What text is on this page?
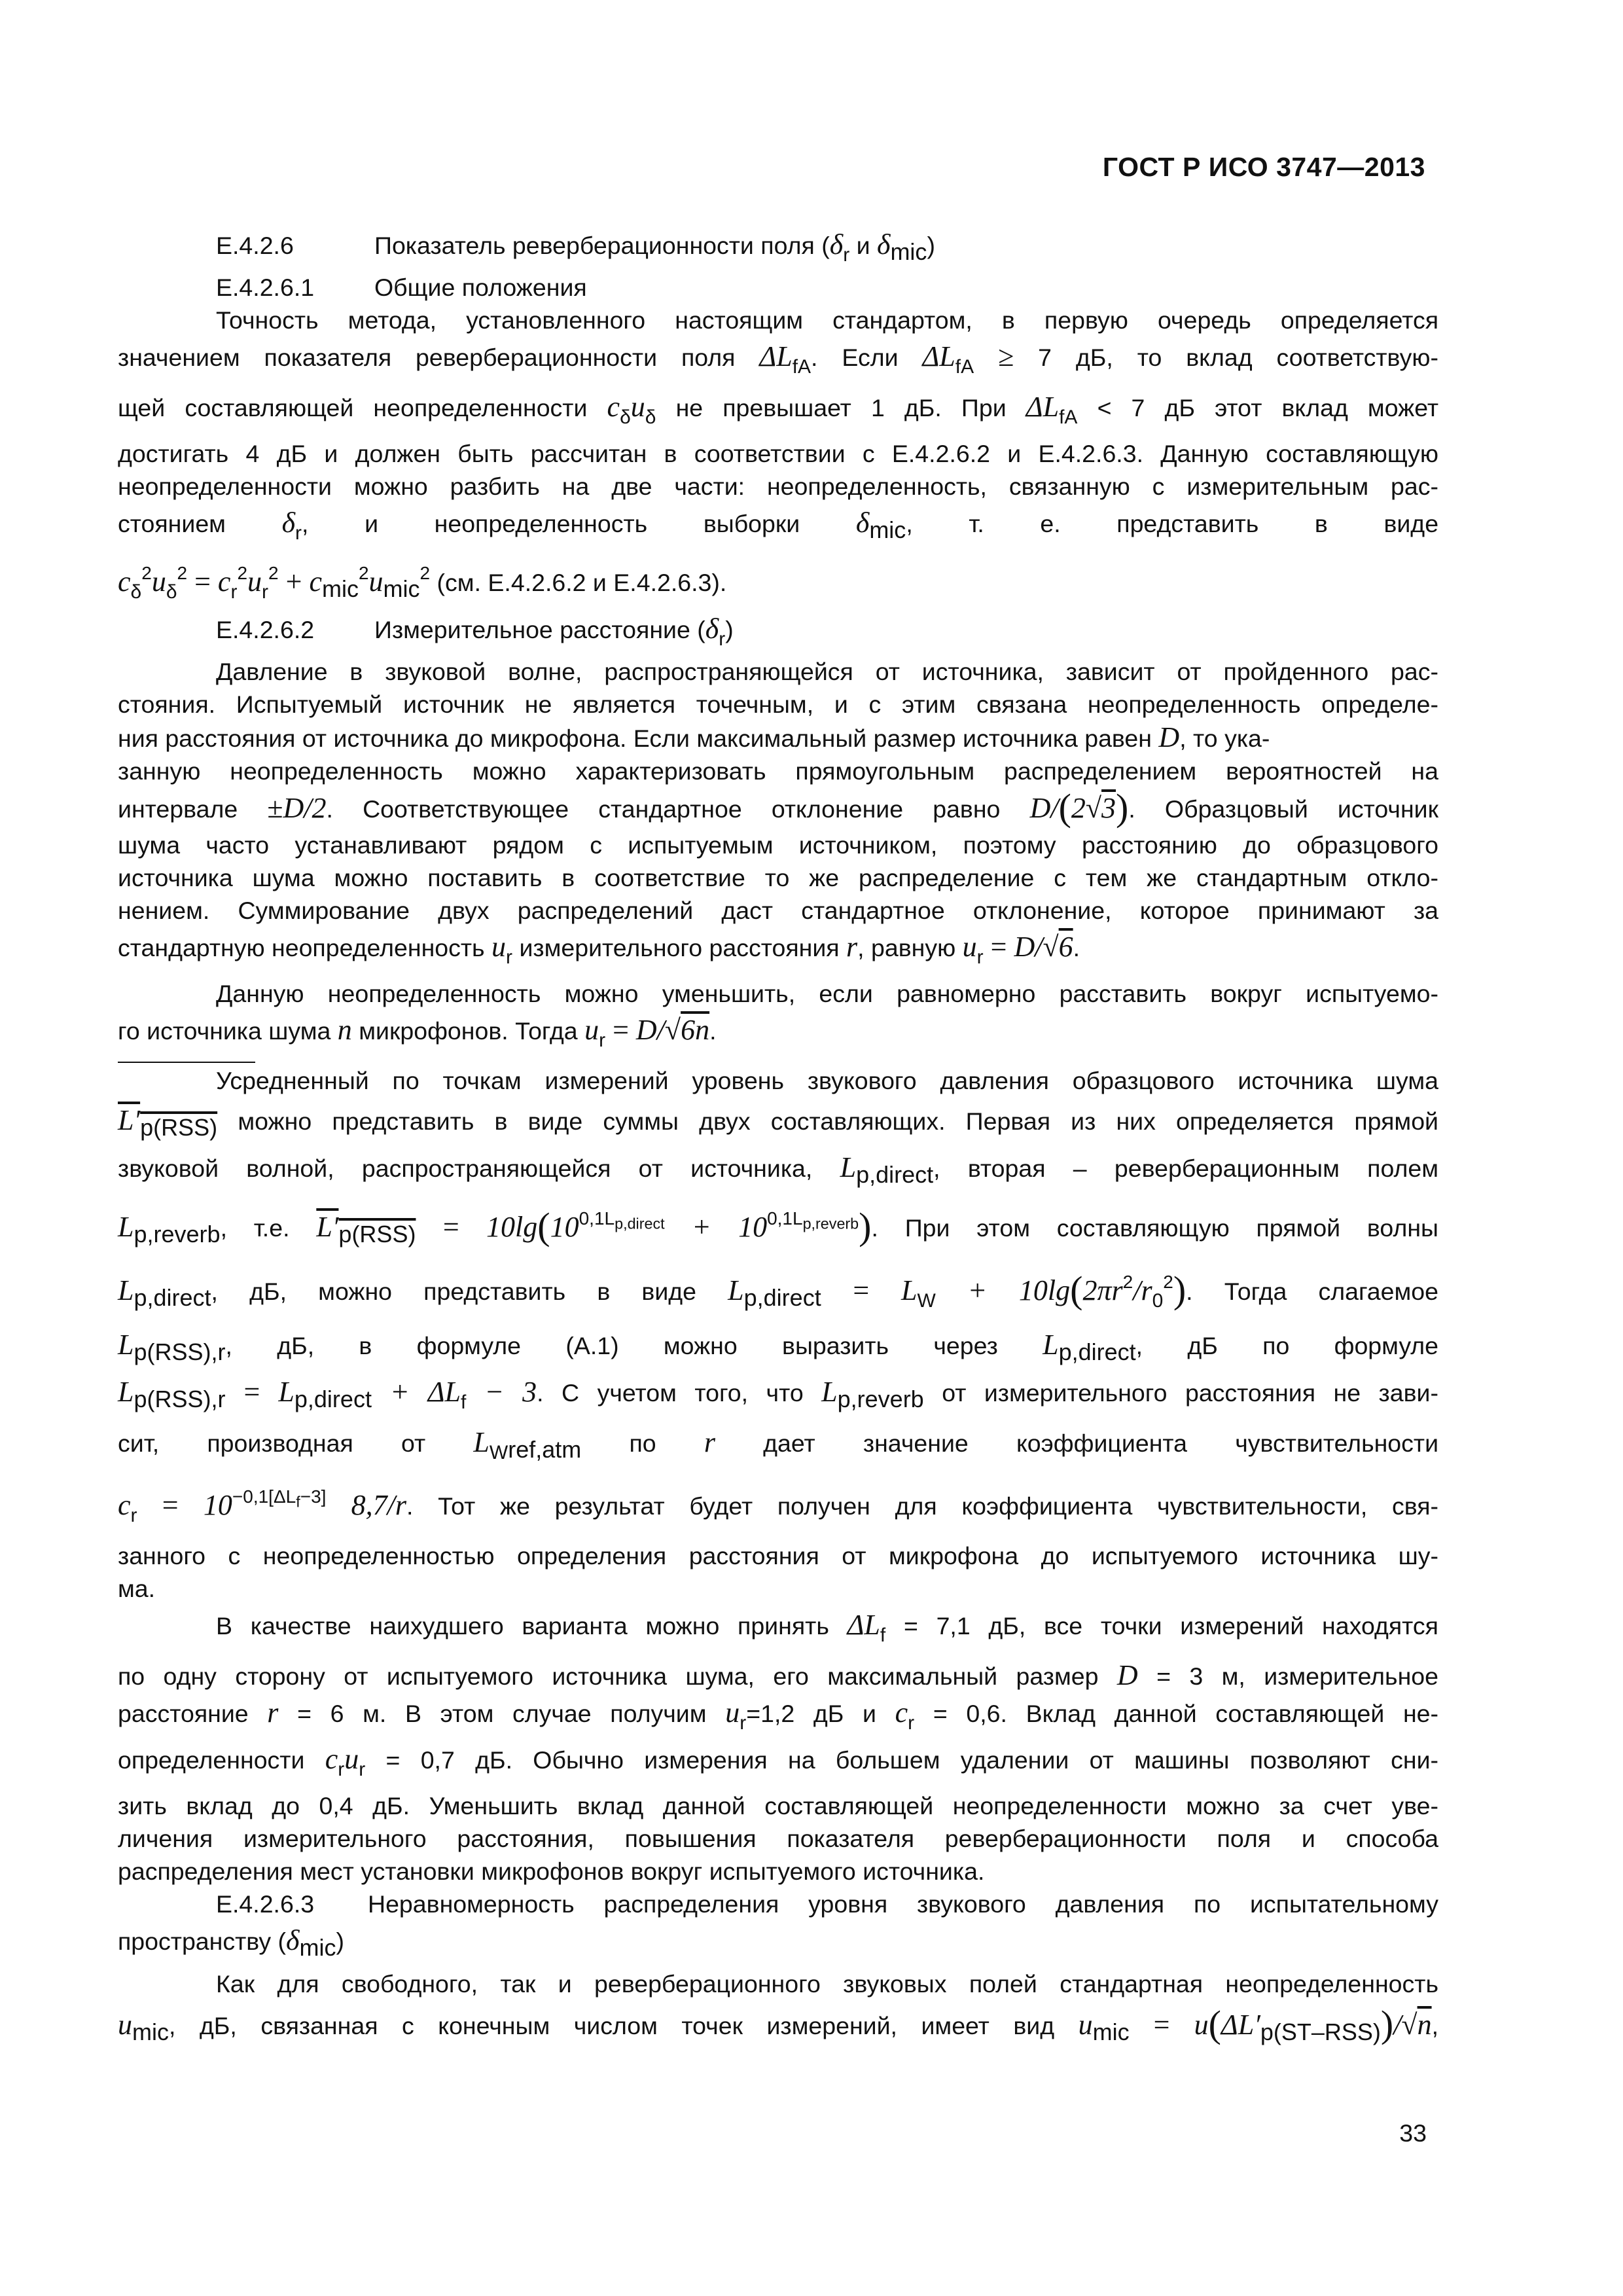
ГОСТ Р ИСО 3747—2013
Е.4.2.6	Показатель реверберационности поля ($\delta_r$ и $\delta_{mic}$)
Е.4.2.6.1 Общие положения
Точность метода, установленного настоящим стандартом, в первую очередь определяется
значением показателя реверберационности поля $\Delta L_{fA}$. Если $\Delta L_{fA} \ge 7$ дБ, то вклад соответствую-
щей составляющей неопределенности $c_\delta u_\delta$ не превышает 1 дБ. При $\Delta L_{fA} < 7$ дБ этот вклад может
достигать 4 дБ и должен быть рассчитан в соответствии с Е.4.2.6.2 и Е.4.2.6.3. Данную составляющую
неопределенности можно разбить на две части: неопределенность, связанную с измерительным рас-
стоянием $\delta_r$, и неопределенность выборки $\delta_{mic}$, т. е. представить в виде
$c_\delta^2u_\delta^2 = c_r^2u_r^2 + c_{mic}^2u_{mic}^2$ (см. Е.4.2.6.2 и Е.4.2.6.3).
Е.4.2.6.2 Измерительное расстояние $(\delta_r)$
Давление в звуковой волне, распространяющейся от источника, зависит от пройденного рас-
стояния. Испытуемый источник не является точечным, и с этим связана неопределенность определе-
ния расстояния от источника до микрофона. Если максимальный размер источника равен D, то ука-
занную неопределенность можно характеризовать прямоугольным распределением вероятностей на
интервале ±D/2. Соответствующее стандартное отклонение равно D/(2√3). Образцовый источник
шума часто устанавливают рядом с испытуемым источником, поэтому расстоянию до образцового
источника шума можно поставить в соответствие то же распределение с тем же стандартным откло-
нением. Суммирование двух распределений даст стандартное отклонение, которое принимают за
стандартную неопределенность $u_r$ измерительного расстояния r, равную $u_r = D/√6$.
Данную неопределенность можно уменьшить, если равномерно расставить вокруг испытуемо-
го источника шума n микрофонов. Тогда $u_r = D/√6n$.
Усредненный по точкам измерений уровень звукового давления образцового источника шума
$L'_{p(RSS)}$ можно представить в виде суммы двух составляющих. Первая из них определяется прямой
звуковой волной, распространяющейся от источника, $L_{p,direct}$, вторая – реверберационным полем
$L_{p,reverb}$, т.е. $L'_{p(RSS)} = 10\lg(10^{0,1L_{p,direct}} + 10^{0,1L_{p,reverb}})$. При этом составляющую прямой волны
$L_{p,direct}$, дБ, можно представить в виде $L_{p,direct} = L_W + 10\lg(2\pi r^2/r_0^2)$. Тогда слагаемое
$L_{p(RSS),r}$, дБ, в формуле (А.1) можно выразить через $L_{p,direct}$, дБ по формуле
$L_{p(RSS),r} = L_{p,direct} + \Delta L_f - 3$. С учетом того, что $L_{p,reverb}$ от измерительного расстояния не зави-
сит, производная от $L_{Wref,atm}$ по r дает значение коэффициента чувствительности
$c_r = 10^{-0,1[\Delta L_f-3]}$ 8,7/r. Тот же результат будет получен для коэффициента чувствительности, свя-
занного с неопределенностью определения расстояния от микрофона до испытуемого источника шу-
ма.
В качестве наихудшего варианта можно принять $\Delta L_f = 7,1$ дБ, все точки измерений находятся
по одну сторону от испытуемого источника шума, его максимальный размер D = 3 м, измерительное
расстояние r = 6 м. В этом случае получим $u_r=1,2$ дБ и $c_r = 0,6$. Вклад данной составляющей не-
определенности $c_ru_r = 0,7$ дБ. Обычно измерения на большем удалении от машины позволяют сни-
зить вклад до 0,4 дБ. Уменьшить вклад данной составляющей неопределенности можно за счет уве-
личения измерительного расстояния, повышения показателя реверберационности поля и способа
распределения мест установки микрофонов вокруг испытуемого источника.
Е.4.2.6.3 Неравномерность распределения уровня звукового давления по испытательному
пространству $(\delta_{mic})$
Как для свободного, так и реверберационного звуковых полей стандартная неопределенность
$u_{mic}$, дБ, связанная с конечным числом точек измерений, имеет вид $u_{mic} = u(\Delta L'_{p(ST-RSS)})/√n$,
33
